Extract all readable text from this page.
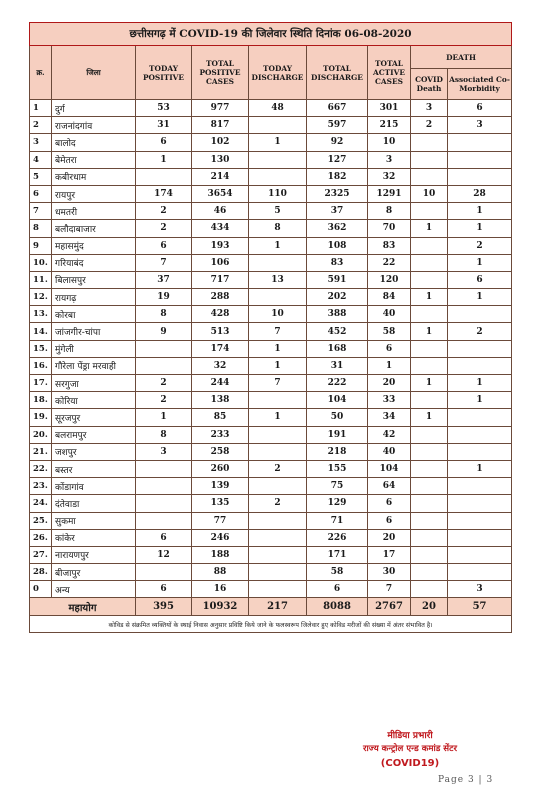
छत्तीसगढ़ में COVID-19 की जिलेवार स्थिति दिनांक 06-08-2020								
क्र.	जिला	TODAY POSITIVE	TOTAL POSITIVE CASES	TODAY DISCHARGE	TOTAL DISCHARGE	TOTAL ACTIVE CASES	DEATH	
							COVID Death	Associated Co-Morbidity
1	दुर्ग	53	977	48	667	301	3	6
2	राजनांदगांव	31	817		597	215	2	3
3	बालोद	6	102	1	92	10		
4	बेमेतरा	1	130		127	3		
5	कबीरधाम		214		182	32		
6	रायपुर	174	3654	110	2325	1291	10	28
7	धमतरी	2	46	5	37	8		1
8	बलौदाबाजार	2	434	8	362	70	1	1
9	महासमुंद	6	193	1	108	83		2
10.	गरियाबंद	7	106		83	22		1
11.	बिलासपुर	37	717	13	591	120		6
12.	रायगढ़	19	288		202	84	1	1
13.	कोरबा	8	428	10	388	40		
14.	जांजगीर-चांपा	9	513	7	452	58	1	2
15.	मुंगेली		174	1	168	6		
16.	गौरेला पेंड्रा मरवाही		32	1	31	1		
17.	सरगुजा	2	244	7	222	20	1	1
18.	कोरिया	2	138		104	33		1
19.	सूरजपुर	1	85	1	50	34	1	
20.	बलरामपुर	8	233		191	42		
21.	जशपुर	3	258		218	40		
22.	बस्तर		260	2	155	104		1
23.	कोंडागांव		139		75	64		
24.	दंतेवाडा		135	2	129	6		
25.	सुकमा		77		71	6		
26.	कांकेर	6	246		226	20		
27.	नारायणपुर	12	188		171	17		
28.	बीजापुर		88		58	30		
0	अन्य	6	16		6	7		3
महायोग		395	10932	217	8088	2767	20	57
कोविड से संक्रमित व्यक्तियों के स्थाई निवास अनुसार प्रविष्टि किये जाने के फलस्वरूप जिलेवार हुए कोविड मरीजों की संख्या में अंतर संभावित है।								
मीडिया प्रभारी
राज्य कन्ट्रोल एन्ड कमांड सेंटर
(COVID19)
Page 3 | 3
